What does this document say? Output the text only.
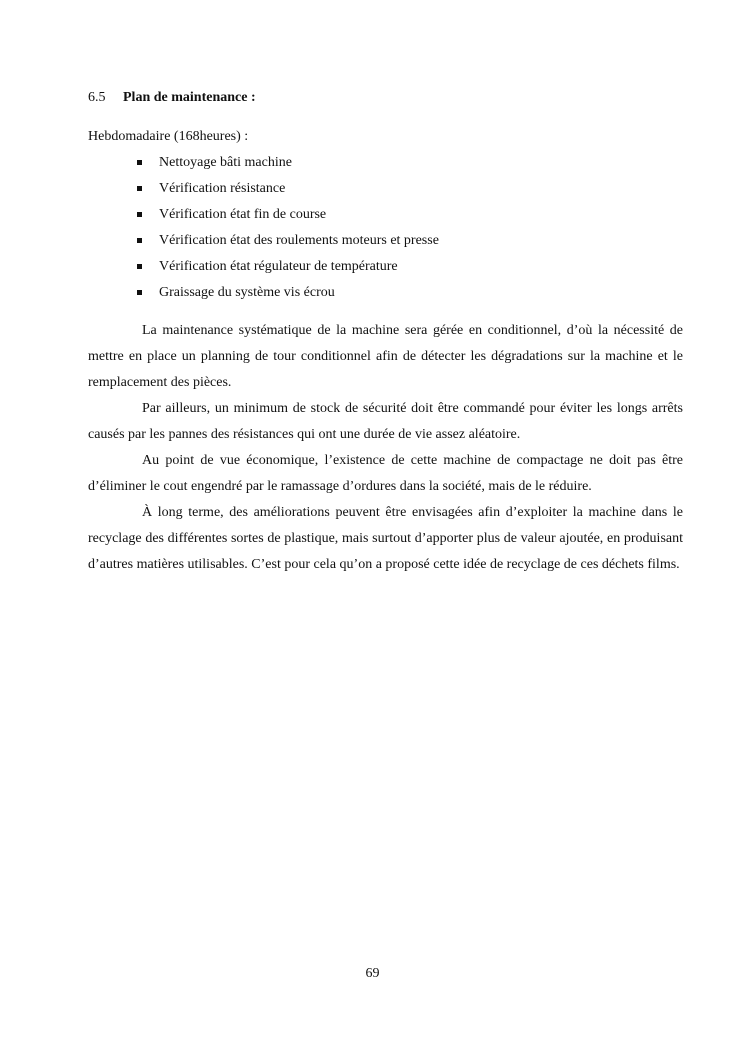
6.5 Plan de maintenance :
Hebdomadaire (168heures) :
Nettoyage bâti machine
Vérification résistance
Vérification état fin de course
Vérification état des roulements moteurs et presse
Vérification état régulateur de température
Graissage du système vis écrou

La maintenance systématique de la machine sera gérée en conditionnel, d’où la nécessité de mettre en place un planning de tour conditionnel afin de détecter les dégradations sur la machine et le remplacement des pièces.

Par ailleurs, un minimum de stock de sécurité doit être commandé pour éviter les longs arrêts causés par les pannes des résistances qui ont une durée de vie assez aléatoire.

Au point de vue économique, l’existence de cette machine de compactage ne doit pas être d’éliminer le cout engendré par le ramassage d’ordures dans la société, mais de le réduire.

À long terme, des améliorations peuvent être envisagées afin d’exploiter la machine dans le recyclage des différentes sortes de plastique, mais surtout d’apporter plus de valeur ajoutée, en produisant d’autres matières utilisables. C’est pour cela qu’on a proposé cette idée de recyclage de ces déchets films.

69
